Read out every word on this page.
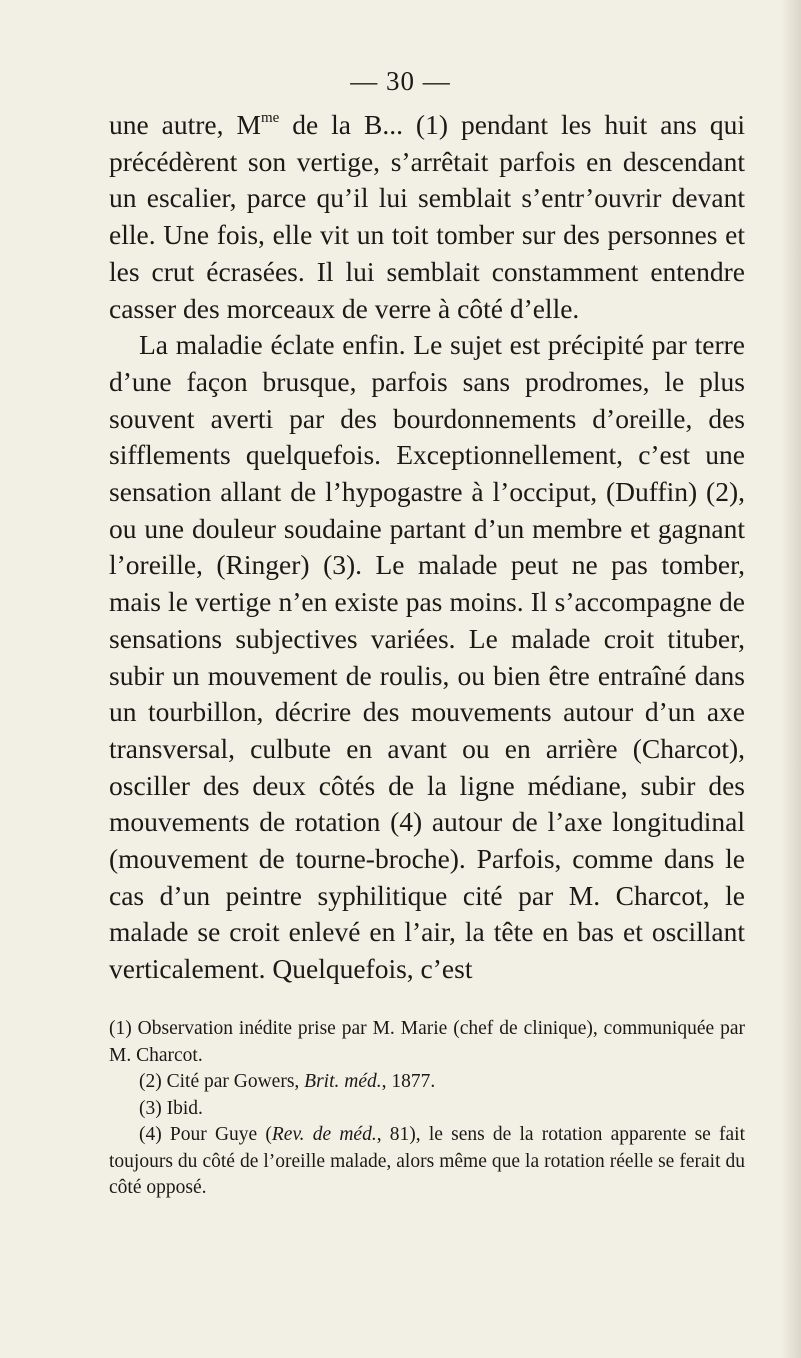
— 30 —

une autre, $M^{me}$ de la B... (1) pendant les huit ans qui précédèrent son vertige, s’arrêtait parfois en descendant un escalier, parce qu’il lui semblait s’entr’ouvrir devant elle. Une fois, elle vit un toit tomber sur des personnes et les crut écrasées. Il lui semblait constamment entendre casser des morceaux de verre à côté d’elle.

La maladie éclate enfin. Le sujet est précipité par terre d’une façon brusque, parfois sans prodromes, le plus souvent averti par des bourdonnements d’oreille, des sifflements quelquefois. Exceptionnellement, c’est une sensation allant de l’hypogastre à l’occiput, (Duffin) (2), ou une douleur soudaine partant d’un membre et gagnant l’oreille, (Ringer) (3). Le malade peut ne pas tomber, mais le vertige n’en existe pas moins. Il s’accompagne de sensations subjectives variées. Le malade croit tituber, subir un mouvement de roulis, ou bien être entraîné dans un tourbillon, décrire des mouvements autour d’un axe transversal, culbute en avant ou en arrière (Charcot), osciller des deux côtés de la ligne médiane, subir des mouvements de rotation (4) autour de l’axe longitudinal (mouvement de tourne-broche). Parfois, comme dans le cas d’un peintre syphilitique cité par M. Charcot, le malade se croit enlevé en l’air, la tête en bas et oscillant verticalement. Quelquefois, c’est

(1) Observation inédite prise par M. Marie (chef de clinique), communiquée par M. Charcot.

(2) Cité par Gowers, Brit. méd., 1877.

(3) Ibid.

(4) Pour Guye (Rev. de méd., 81), le sens de la rotation apparente se fait toujours du côté de l’oreille malade, alors même que la rotation réelle se ferait du côté opposé.
